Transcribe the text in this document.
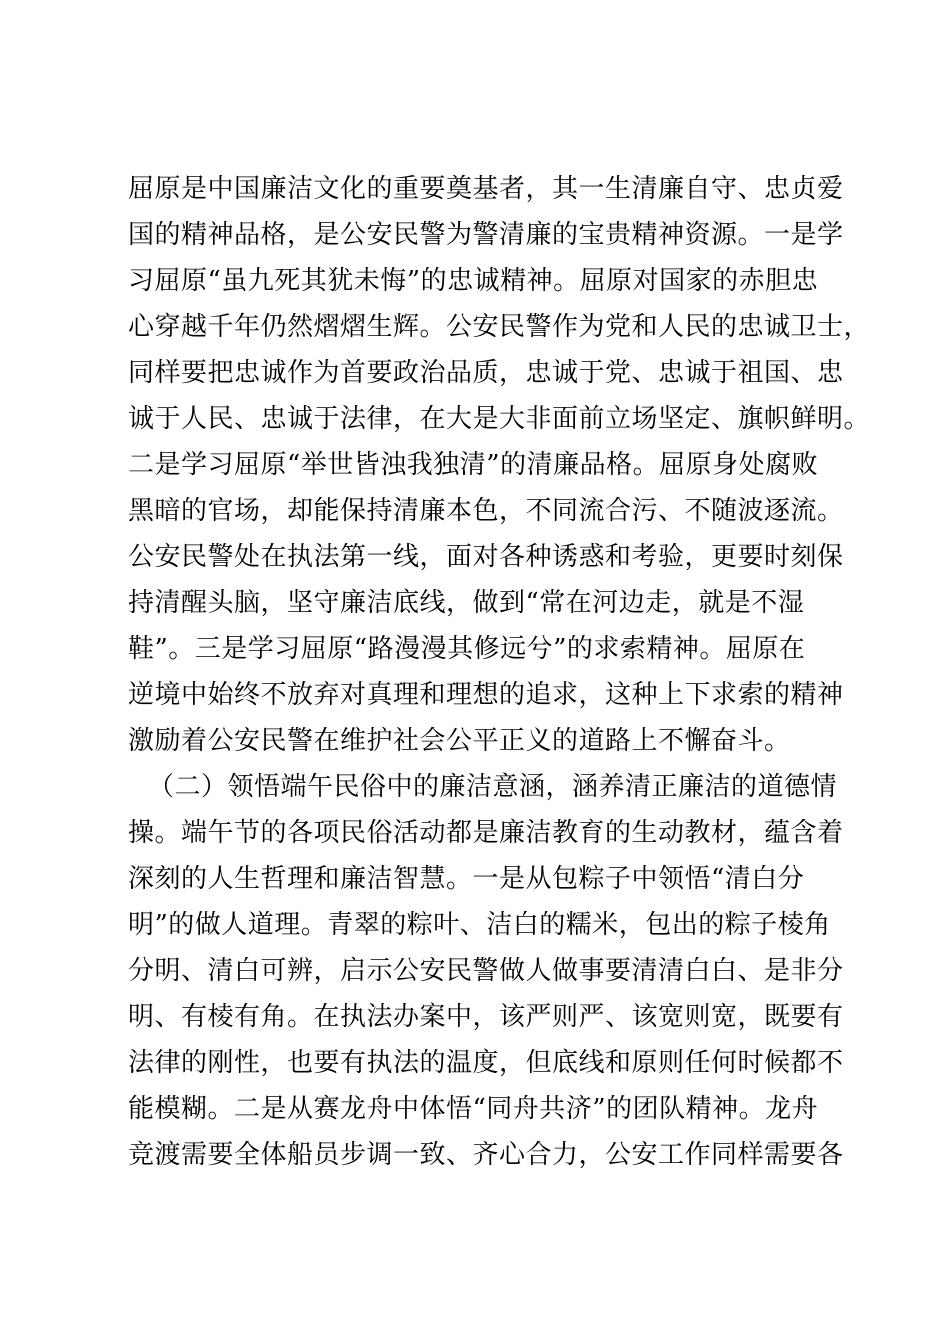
屈原是中国廉洁文化的重要奠基者，其一生清廉自守、忠贞爱
国的精神品格，是公安民警为警清廉的宝贵精神资源。一是学
习屈原“虽九死其犹未悔”的忠诚精神。屈原对国家的赤胆忠
心穿越千年仍然熠熠生辉。公安民警作为党和人民的忠诚卫士，
同样要把忠诚作为首要政治品质，忠诚于党、忠诚于祖国、忠
诚于人民、忠诚于法律，在大是大非面前立场坚定、旗帜鲜明。
二是学习屈原“举世皆浊我独清”的清廉品格。屈原身处腐败
黑暗的官场，却能保持清廉本色，不同流合污、不随波逐流。
公安民警处在执法第一线，面对各种诱惑和考验，更要时刻保
持清醒头脑，坚守廉洁底线，做到“常在河边走，就是不湿
鞋”。三是学习屈原“路漫漫其修远兮”的求索精神。屈原在
逆境中始终不放弃对真理和理想的追求，这种上下求索的精神
激励着公安民警在维护社会公平正义的道路上不懈奋斗。
（二）领悟端午民俗中的廉洁意涵，涵养清正廉洁的道德情
操。端午节的各项民俗活动都是廉洁教育的生动教材，蕴含着
深刻的人生哲理和廉洁智慧。一是从包粽子中领悟“清白分
明”的做人道理。青翠的粽叶、洁白的糯米，包出的粽子棱角
分明、清白可辨，启示公安民警做人做事要清清白白、是非分
明、有棱有角。在执法办案中，该严则严、该宽则宽，既要有
法律的刚性，也要有执法的温度，但底线和原则任何时候都不
能模糊。二是从赛龙舟中体悟“同舟共济”的团队精神。龙舟
竞渡需要全体船员步调一致、齐心合力，公安工作同样需要各
